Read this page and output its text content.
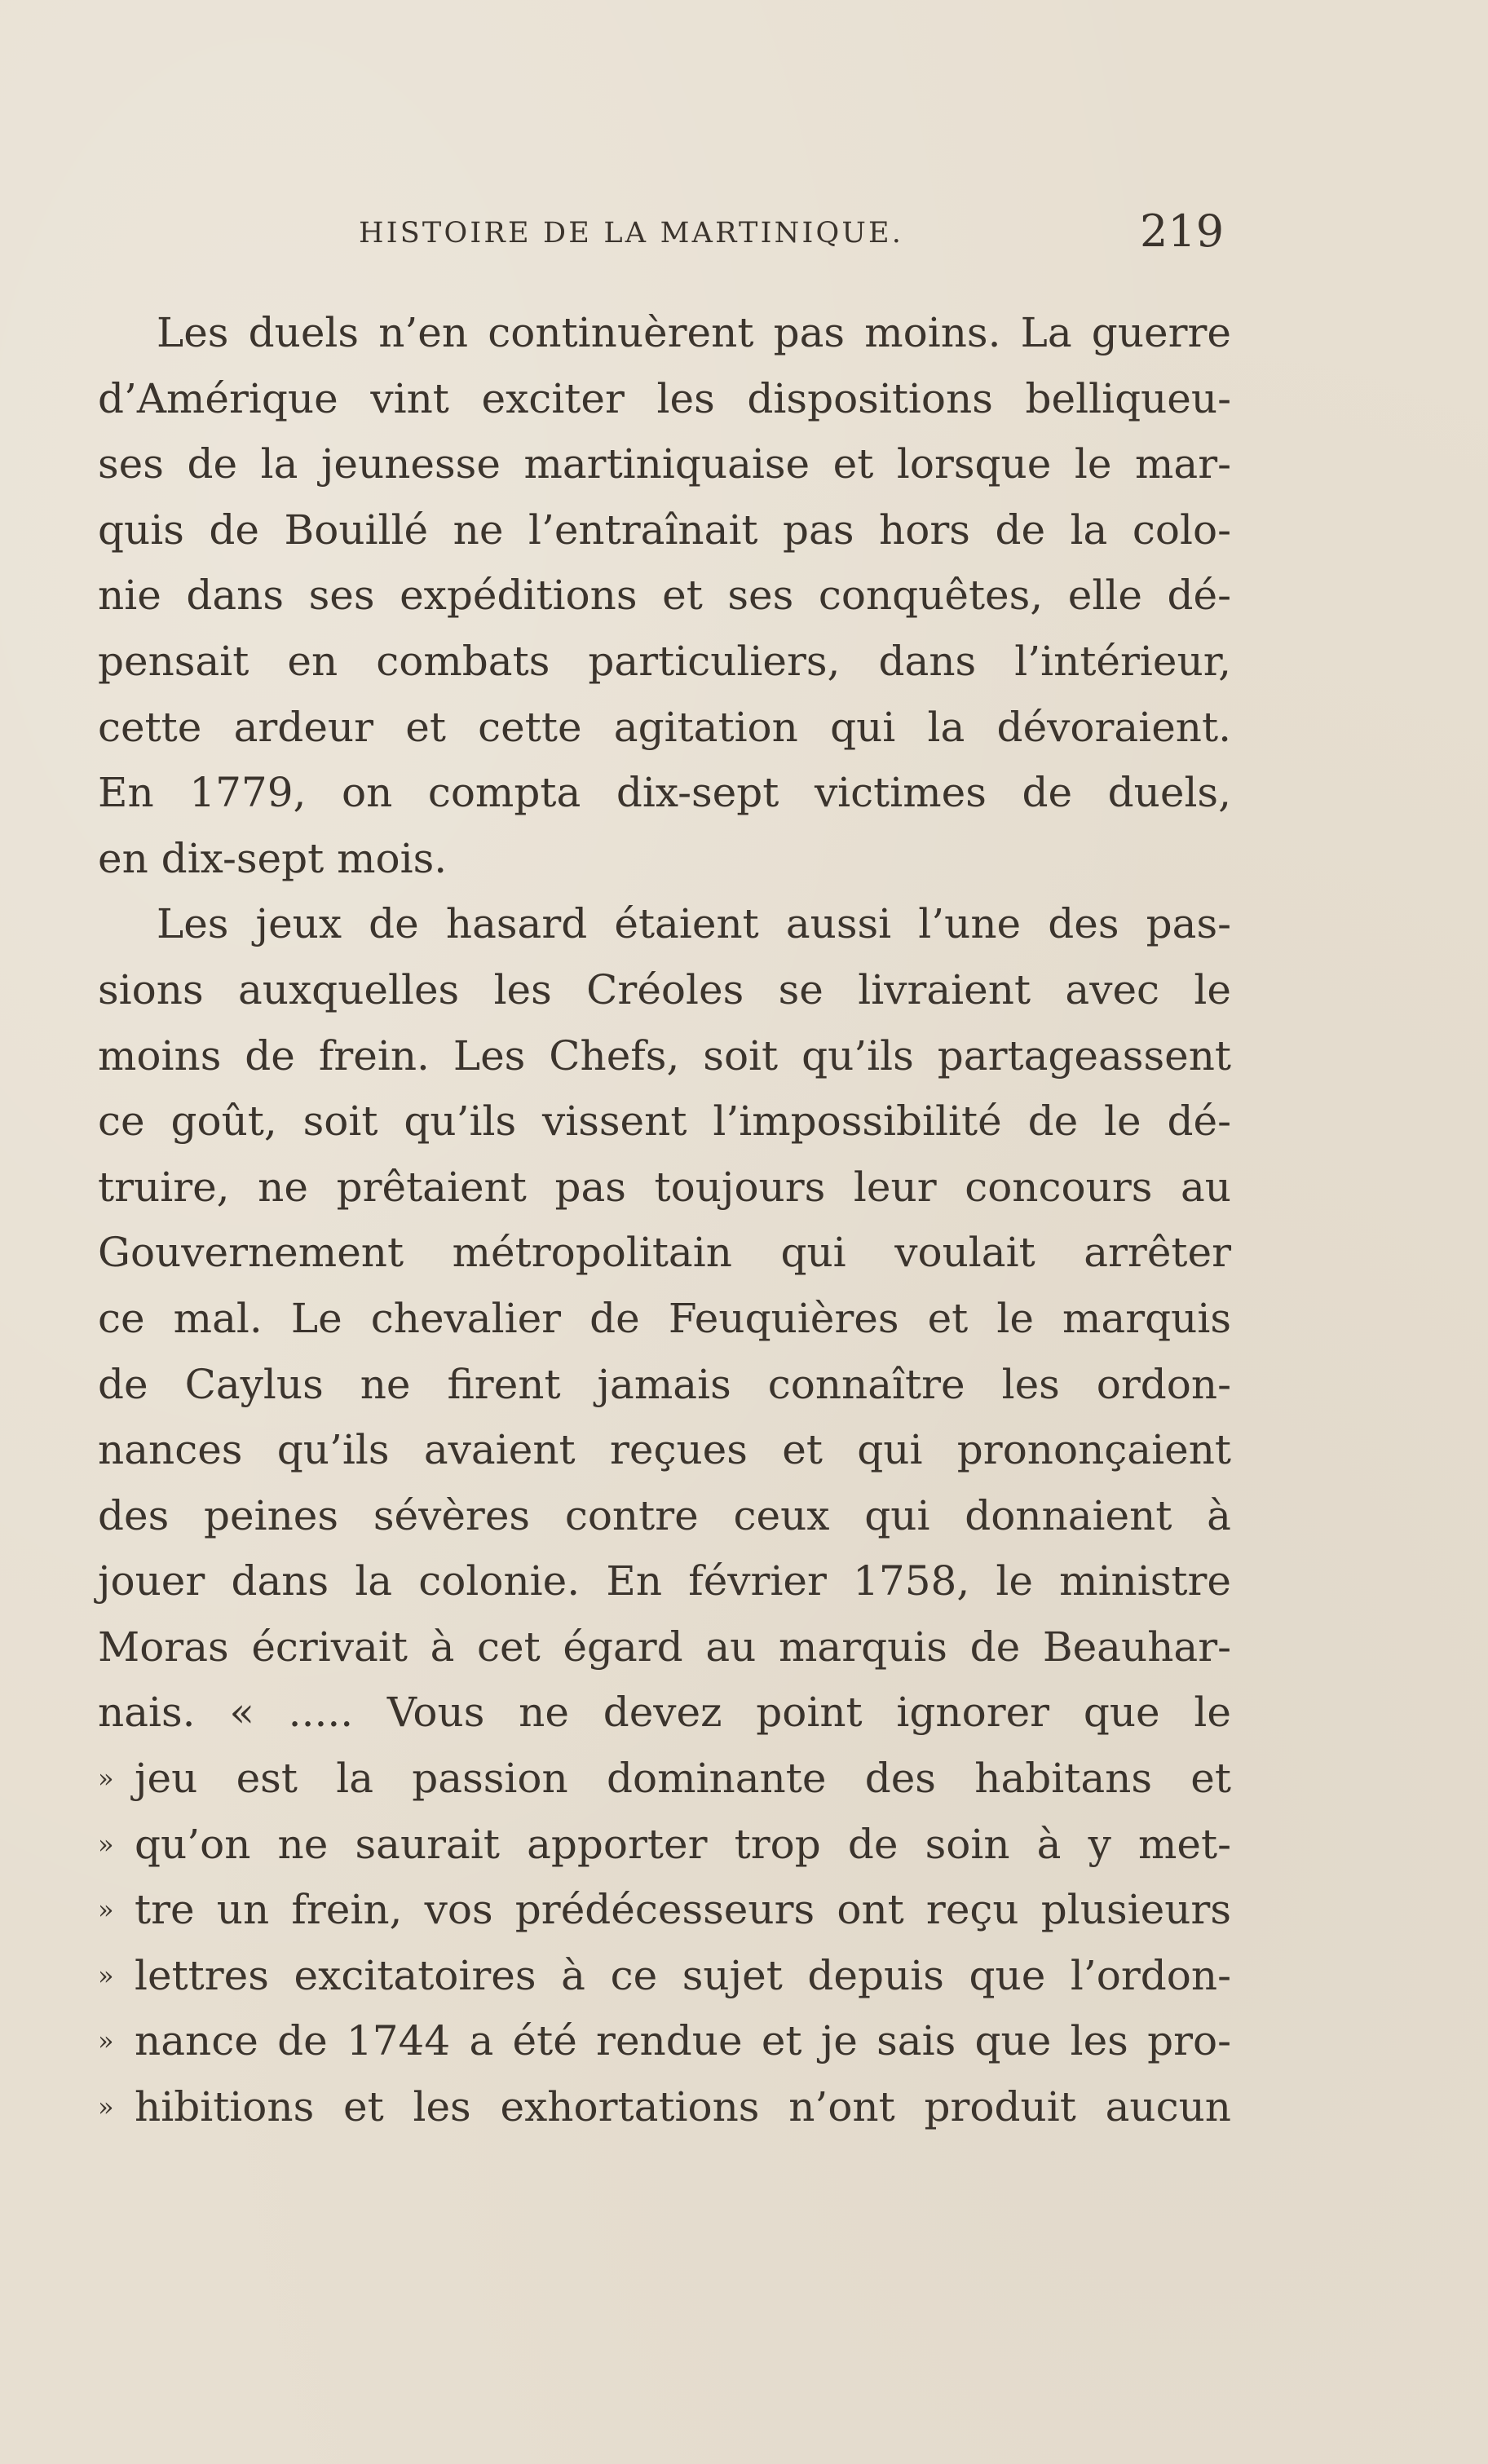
HISTOIRE DE LA MARTINIQUE.	219
Les duels n’en continuèrent pas moins. La guerre
d’Amérique vint exciter les dispositions belliqueu-
ses de la jeunesse martiniquaise et lorsque le mar-
quis de Bouillé ne l’entraînait pas hors de la colo-
nie dans ses expéditions et ses conquêtes, elle dé-
pensait en combats particuliers, dans l’intérieur,
cette ardeur et cette agitation qui la dévoraient.
En 1779, on compta dix-sept victimes de duels,
en dix-sept mois.
Les jeux de hasard étaient aussi l’une des pas-
sions auxquelles les Créoles se livraient avec le
moins de frein. Les Chefs, soit qu’ils partageassent
ce goût, soit qu’ils vissent l’impossibilité de le dé-
truire, ne prêtaient pas toujours leur concours au
Gouvernement métropolitain qui voulait arrêter
ce mal. Le chevalier de Feuquières et le marquis
de Caylus ne firent jamais connaître les ordon-
nances qu’ils avaient reçues et qui prononçaient
des peines sévères contre ceux qui donnaient à
jouer dans la colonie. En février 1758, le ministre
Moras écrivait à cet égard au marquis de Beauhar-
nais. « ..... Vous ne devez point ignorer que le
» jeu est la passion dominante des habitans et
» qu’on ne saurait apporter trop de soin à y met-
» tre un frein, vos prédécesseurs ont reçu plusieurs
» lettres excitatoires à ce sujet depuis que l’ordon-
» nance de 1744 a été rendue et je sais que les pro-
» hibitions et les exhortations n’ont produit aucun
